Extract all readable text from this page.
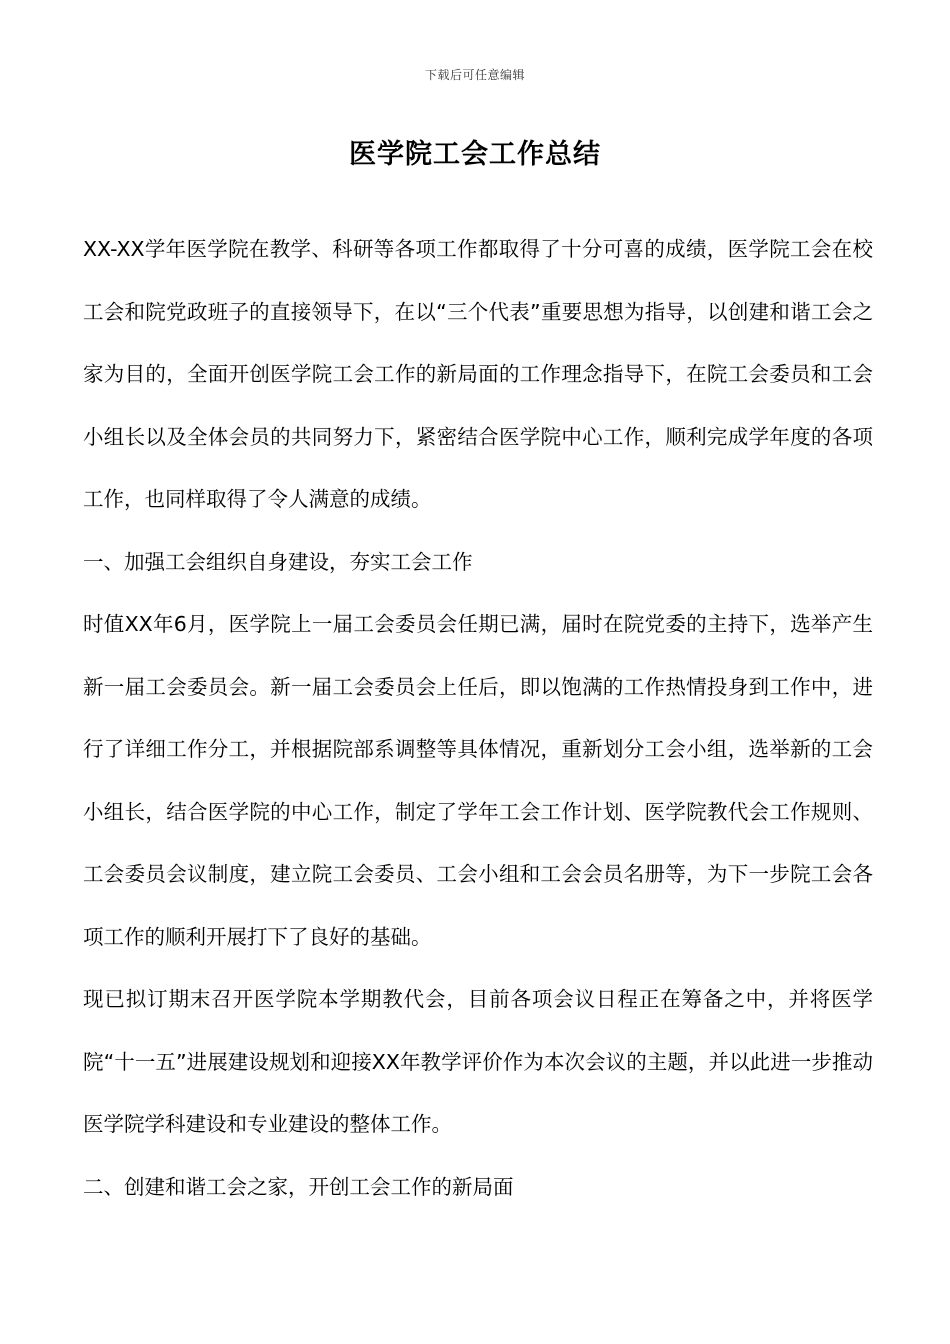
下载后可任意编辑
医学院工会工作总结

XX-XX学年医学院在教学、科研等各项工作都取得了十分可喜的成绩，医学院工会在校工会和院党政班子的直接领导下，在以“三个代表”重要思想为指导，以创建和谐工会之家为目的，全面开创医学院工会工作的新局面的工作理念指导下，在院工会委员和工会小组长以及全体会员的共同努力下，紧密结合医学院中心工作，顺利完成学年度的各项工作，也同样取得了令人满意的成绩。

一、加强工会组织自身建设，夯实工会工作

时值XX年6月，医学院上一届工会委员会任期已满，届时在院党委的主持下，选举产生新一届工会委员会。新一届工会委员会上任后，即以饱满的工作热情投身到工作中，进行了详细工作分工，并根据院部系调整等具体情况，重新划分工会小组，选举新的工会小组长，结合医学院的中心工作，制定了学年工会工作计划、医学院教代会工作规则、工会委员会议制度，建立院工会委员、工会小组和工会会员名册等，为下一步院工会各项工作的顺利开展打下了良好的基础。

现已拟订期末召开医学院本学期教代会，目前各项会议日程正在筹备之中，并将医学院“十一五”进展建设规划和迎接XX年教学评价作为本次会议的主题，并以此进一步推动医学院学科建设和专业建设的整体工作。

二、创建和谐工会之家，开创工会工作的新局面
